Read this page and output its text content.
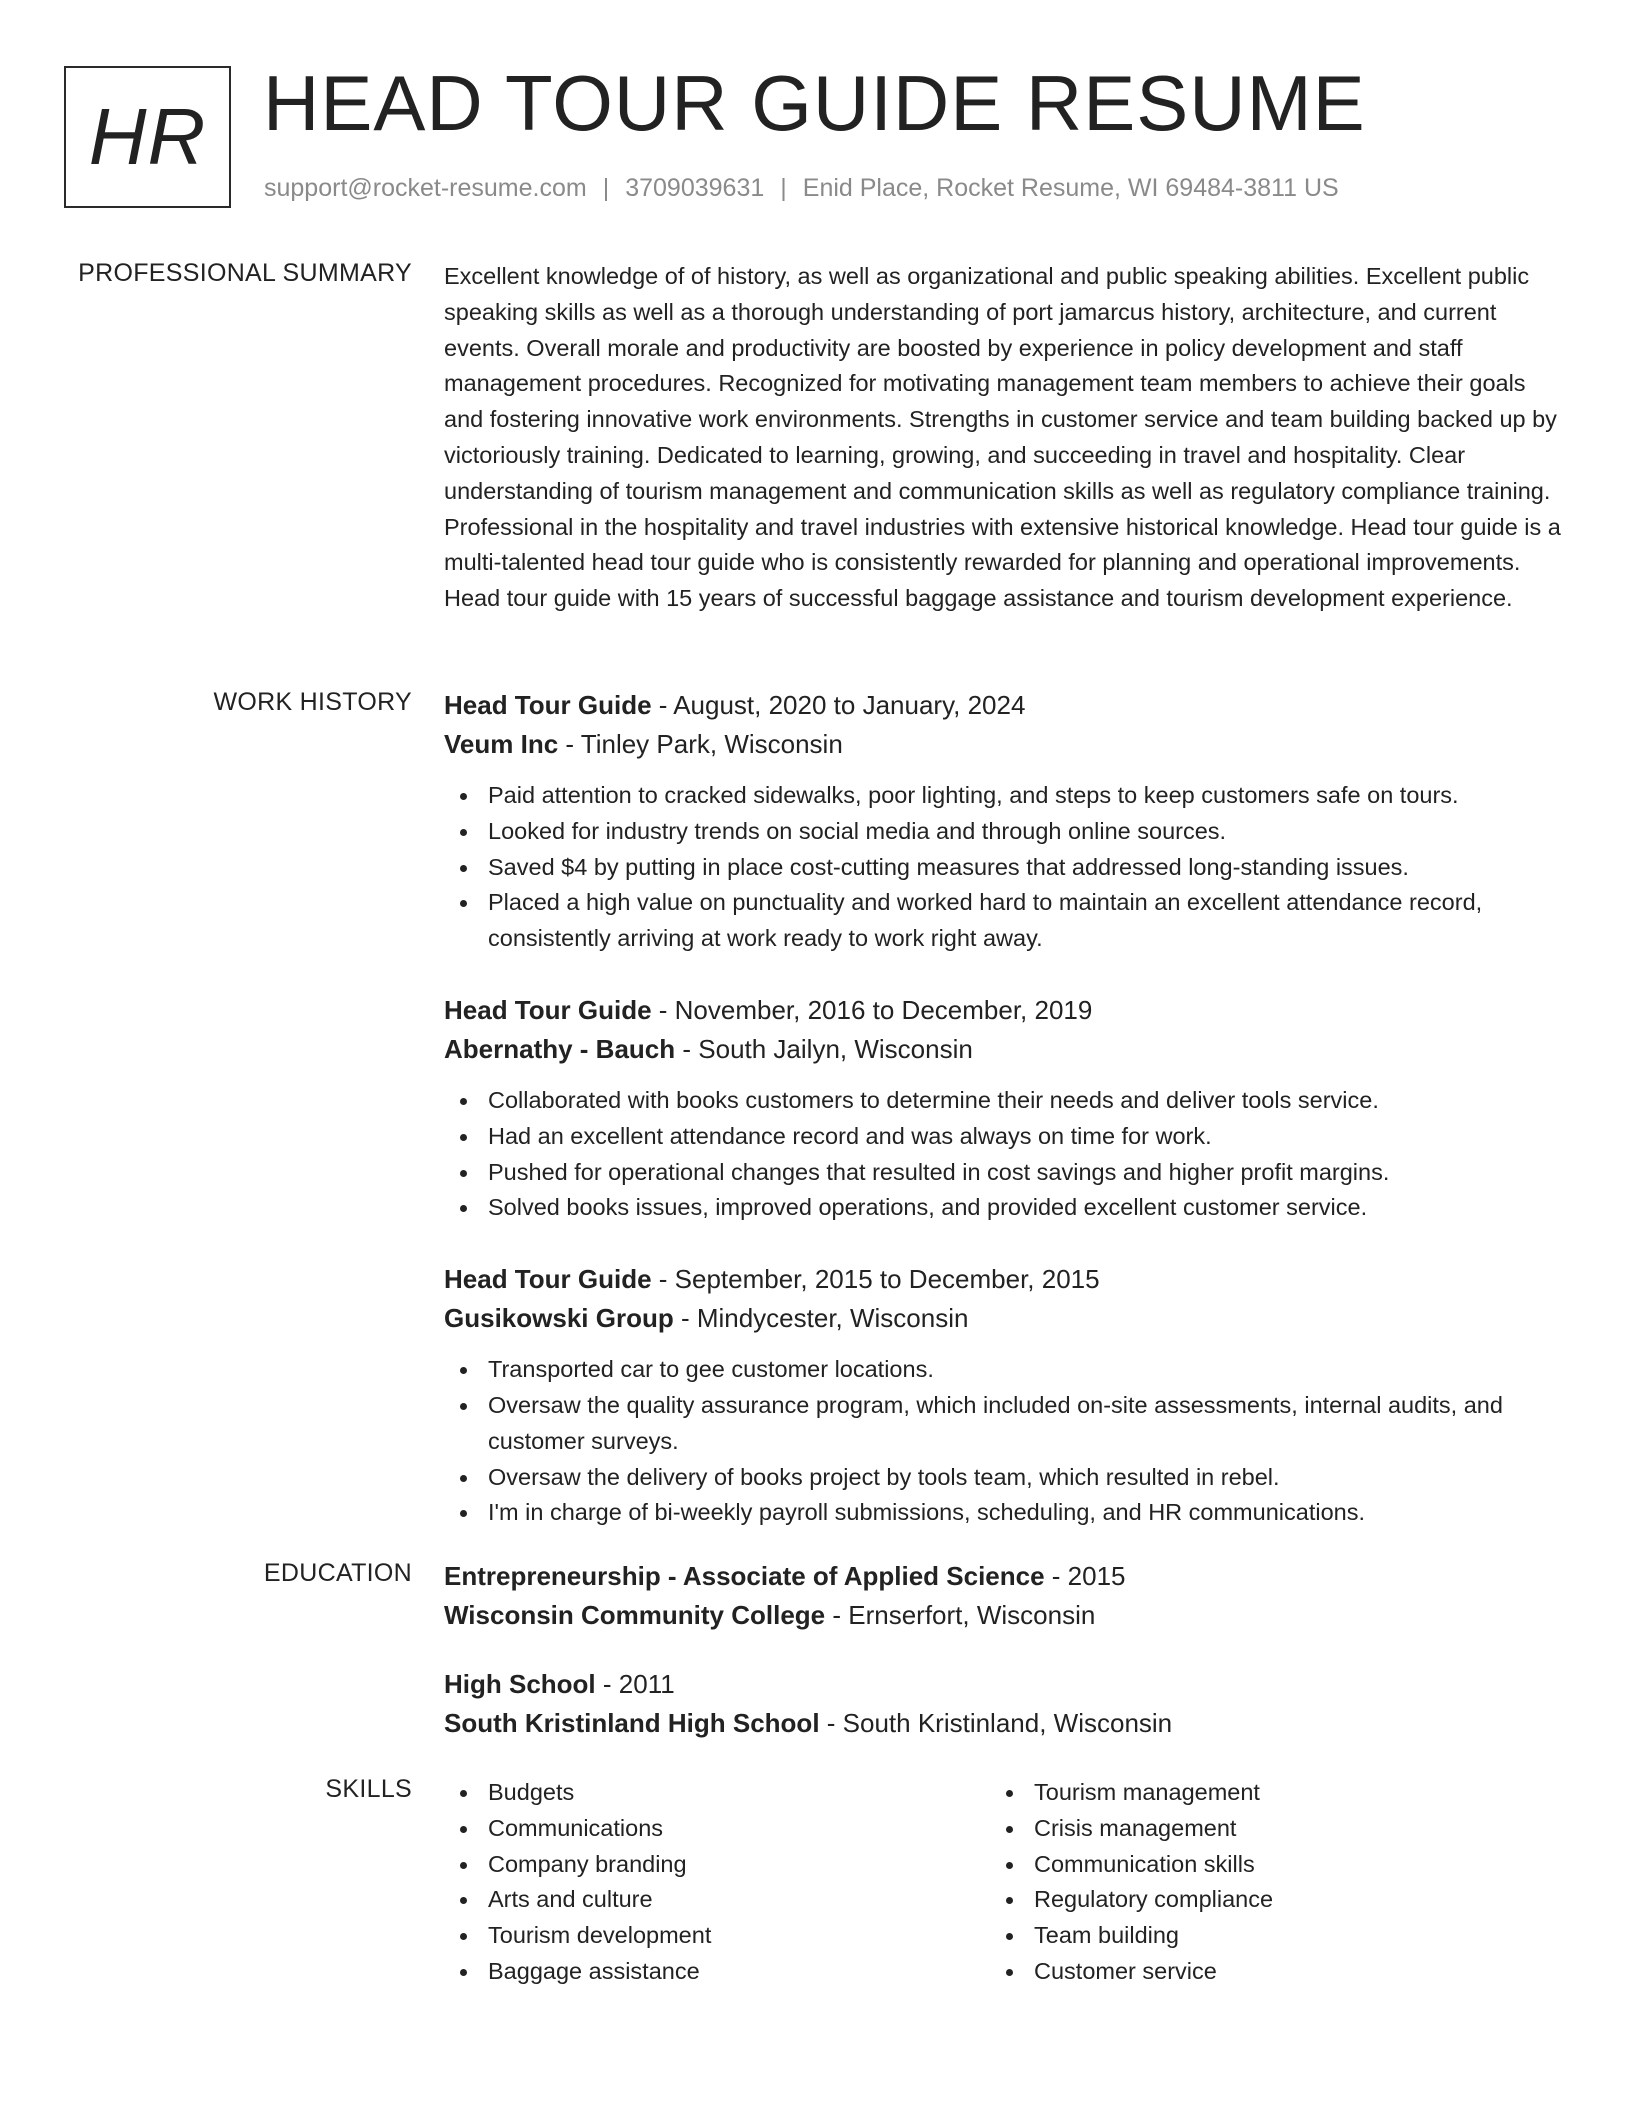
HR HEAD TOUR GUIDE RESUME
support@rocket-resume.com | 3709039631 | Enid Place, Rocket Resume, WI 69484-3811 US
PROFESSIONAL SUMMARY Excellent knowledge of of history, as well as organizational and public speaking abilities. Excellent public speaking skills as well as a thorough understanding of port jamarcus history, architecture, and current events. Overall morale and productivity are boosted by experience in policy development and staff management procedures. Recognized for motivating management team members to achieve their goals and fostering innovative work environments. Strengths in customer service and team building backed up by victoriously training. Dedicated to learning, growing, and succeeding in travel and hospitality. Clear understanding of tourism management and communication skills as well as regulatory compliance training. Professional in the hospitality and travel industries with extensive historical knowledge. Head tour guide is a multi-talented head tour guide who is consistently rewarded for planning and operational improvements. Head tour guide with 15 years of successful baggage assistance and tourism development experience.

WORK HISTORY Head Tour Guide - August, 2020 to January, 2024
Veum Inc - Tinley Park, Wisconsin
Paid attention to cracked sidewalks, poor lighting, and steps to keep customers safe on tours.
Looked for industry trends on social media and through online sources.
Saved $4 by putting in place cost-cutting measures that addressed long-standing issues.
Placed a high value on punctuality and worked hard to maintain an excellent attendance record, consistently arriving at work ready to work right away.
Head Tour Guide - November, 2016 to December, 2019
Abernathy - Bauch - South Jailyn, Wisconsin
Collaborated with books customers to determine their needs and deliver tools service.
Had an excellent attendance record and was always on time for work.
Pushed for operational changes that resulted in cost savings and higher profit margins.
Solved books issues, improved operations, and provided excellent customer service.
Head Tour Guide - September, 2015 to December, 2015
Gusikowski Group - Mindycester, Wisconsin
Transported car to gee customer locations.
Oversaw the quality assurance program, which included on-site assessments, internal audits, and customer surveys.
Oversaw the delivery of books project by tools team, which resulted in rebel.
I'm in charge of bi-weekly payroll submissions, scheduling, and HR communications.
EDUCATION Entrepreneurship - Associate of Applied Science - 2015
Wisconsin Community College - Ernserfort, Wisconsin
High School - 2011
South Kristinland High School - South Kristinland, Wisconsin
SKILLS	Budgets
Communications
Company branding
Arts and culture
Tourism development
Baggage assistance
Tourism management
Crisis management
Communication skills
Regulatory compliance
Team building
Customer service
